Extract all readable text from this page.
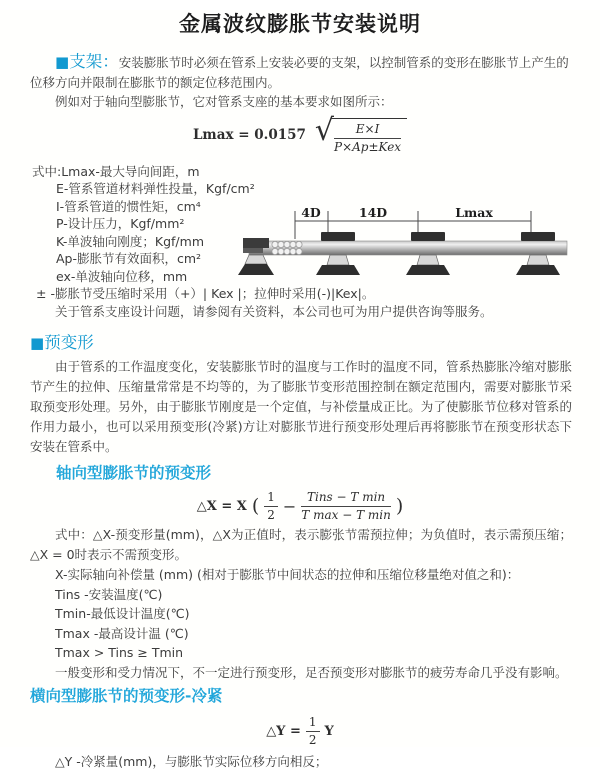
金属波纹膨胀节安装说明

■支架：安装膨胀节时必须在管系上安装必要的支架，以控制管系的变形在膨胀节上产生的位移方向并限制在膨胀节的额定位移范围内。

例如对于轴向型膨胀节，它对管系支座的基本要求如图所示：

Lmax = 0.0157 √ $\frac{E\times I}{\text{P×Ap±Kex}}$
式中:Lmax-最大导向间距，m
E-管系管道材料弹性投量，Kgf/cm²
I-管系管道的惯性矩，cm⁴
P-设计压力，Kgf/mm²
K-单波轴向刚度；Kgf/mm
Ap-膨胀节有效面积，cm²
ex-单波轴向位移，mm
± -膨胀节受压缩时采用（+）| Kex |；拉伸时采用(-)|Kex|。
关于管系支座设计问题，请参阅有关资料，本公司也可为用户提供咨询等服务。
4D	14D	Lmax
■预变形

由于管系的工作温度变化，安装膨胀节时的温度与工作时的温度不同，管系热膨胀冷缩对膨胀节产生的拉伸、压缩量常常是不均等的，为了膨胀节变形范围控制在额定范围内，需要对膨胀节采取预变形处理。另外，由于膨胀节刚度是一个定值，与补偿量成正比。为了使膨胀节位移对管系的作用力最小，也可以采用预变形(冷紧)方让对膨胀节进行预变形处理后再将膨胀节在预变形状态下安装在管系中。

轴向型膨胀节的预变形
△X = X ( $\frac{1}{2} - \frac{\text{Tins − T min}}{\text{T max − T min}}$ )

式中：△X-预变形量(mm)，△X为正值时，表示膨张节需预拉伸；为负值时，表示需预压缩；△X = 0时表示不需预变形。

X-实际轴向补偿量 (mm) (相对于膨胀节中间状态的拉伸和压缩位移量绝对值之和)：
Tins -安装温度(℃)
Tmin-最低设计温度(℃)
Tmax -最高设计温 (℃)
Tmax > Tins ≥ Tmin
一般变形和受力情况下，不一定进行预变形，足否预变形对膨胀节的疲劳寿命几乎没有影响。
横向型膨胀节的预变形-冷紧
△Y = $\frac{1}{2}$ Y
△Y -冷紧量(mm)，与膨胀节实际位移方向相反；
